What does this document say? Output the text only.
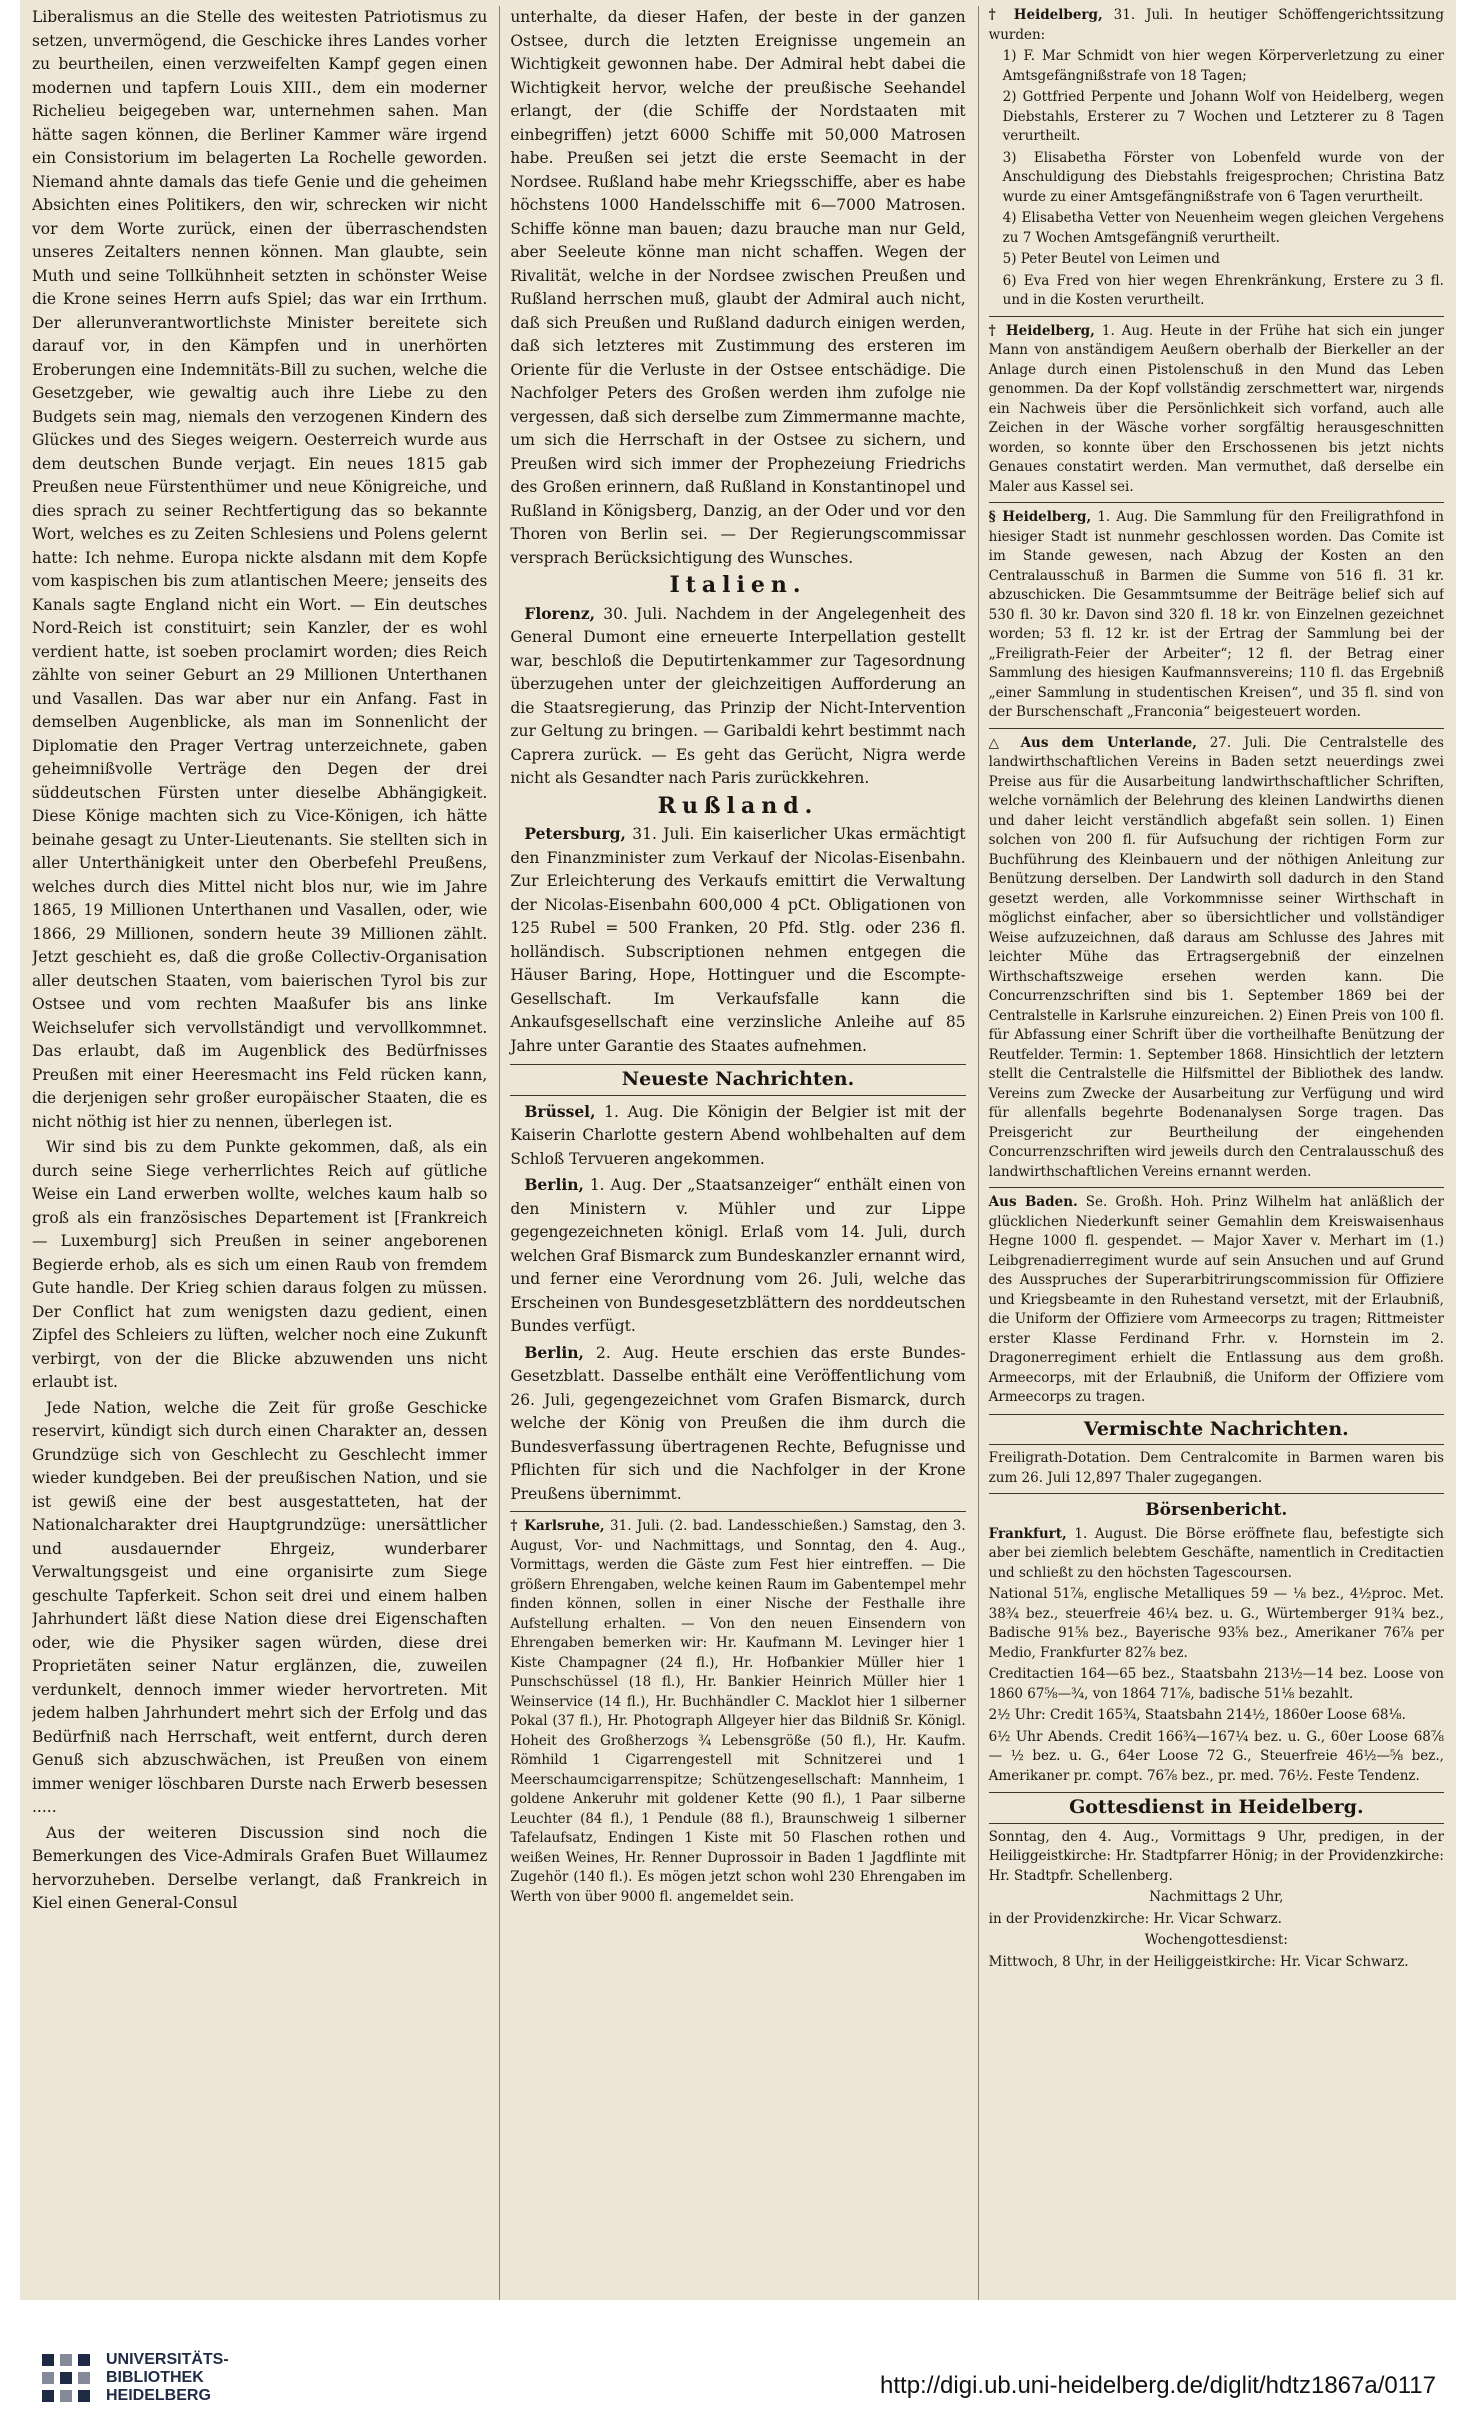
Liberalismus an die Stelle des weitesten Patriotismus zu setzen, unvermögend, die Geschicke ihres Landes vorher zu beurtheilen, einen verzweifelten Kampf gegen einen modernen und tapfern Louis XIII., dem ein moderner Richelieu beigegeben war, unternehmen sahen. Man hätte sagen können, die Berliner Kammer wäre irgend ein Consistorium im belagerten La Rochelle geworden. Niemand ahnte damals das tiefe Genie und die geheimen Absichten eines Politikers, den wir, schrecken wir nicht vor dem Worte zurück, einen der überraschendsten unseres Zeitalters nennen können. Man glaubte, sein Muth und seine Tollkühnheit setzten in schönster Weise die Krone seines Herrn aufs Spiel; das war ein Irrthum. Der allerunverantwortlichste Minister bereitete sich darauf vor, in den Kämpfen und in unerhörten Eroberungen eine Indemnitäts-Bill zu suchen, welche die Gesetzgeber, wie gewaltig auch ihre Liebe zu den Budgets sein mag, niemals den verzogenen Kindern des Glückes und des Sieges weigern. Oesterreich wurde aus dem deutschen Bunde verjagt. Ein neues 1815 gab Preußen neue Fürstenthümer und neue Königreiche, und dies sprach zu seiner Rechtfertigung das so bekannte Wort, welches es zu Zeiten Schlesiens und Polens gelernt hatte: Ich nehme. Europa nickte alsdann mit dem Kopfe vom kaspischen bis zum atlantischen Meere; jenseits des Kanals sagte England nicht ein Wort. — Ein deutsches Nord-Reich ist constituirt; sein Kanzler, der es wohl verdient hatte, ist soeben proclamirt worden; dies Reich zählte von seiner Geburt an 29 Millionen Unterthanen und Vasallen. Das war aber nur ein Anfang. Fast in demselben Augenblicke, als man im Sonnenlicht der Diplomatie den Prager Vertrag unterzeichnete, gaben geheimnißvolle Verträge den Degen der drei süddeutschen Fürsten unter dieselbe Abhängigkeit. Diese Könige machten sich zu Vice-Königen, ich hätte beinahe gesagt zu Unter-Lieutenants. Sie stellten sich in aller Unterthänigkeit unter den Oberbefehl Preußens, welches durch dies Mittel nicht blos nur, wie im Jahre 1865, 19 Millionen Unterthanen und Vasallen, oder, wie 1866, 29 Millionen, sondern heute 39 Millionen zählt. Jetzt geschieht es, daß die große Collectiv-Organisation aller deutschen Staaten, vom baierischen Tyrol bis zur Ostsee und vom rechten Maaßufer bis ans linke Weichselufer sich vervollständigt und vervollkommnet. Das erlaubt, daß im Augenblick des Bedürfnisses Preußen mit einer Heeresmacht ins Feld rücken kann, die derjenigen sehr großer europäischer Staaten, die es nicht nöthig ist hier zu nennen, überlegen ist.

Wir sind bis zu dem Punkte gekommen, daß, als ein durch seine Siege verherrlichtes Reich auf gütliche Weise ein Land erwerben wollte, welches kaum halb so groß als ein französisches Departement ist [Frankreich — Luxemburg] sich Preußen in seiner angeborenen Begierde erhob, als es sich um einen Raub von fremdem Gute handle. Der Krieg schien daraus folgen zu müssen. Der Conflict hat zum wenigsten dazu gedient, einen Zipfel des Schleiers zu lüften, welcher noch eine Zukunft verbirgt, von der die Blicke abzuwenden uns nicht erlaubt ist.

Jede Nation, welche die Zeit für große Geschicke reservirt, kündigt sich durch einen Charakter an, dessen Grundzüge sich von Geschlecht zu Geschlecht immer wieder kundgeben. Bei der preußischen Nation, und sie ist gewiß eine der best ausgestatteten, hat der Nationalcharakter drei Hauptgrundzüge: unersättlicher und ausdauernder Ehrgeiz, wunderbarer Verwaltungsgeist und eine organisirte zum Siege geschulte Tapferkeit. Schon seit drei und einem halben Jahrhundert läßt diese Nation diese drei Eigenschaften oder, wie die Physiker sagen würden, diese drei Proprietäten seiner Natur erglänzen, die, zuweilen verdunkelt, dennoch immer wieder hervortreten. Mit jedem halben Jahrhundert mehrt sich der Erfolg und das Bedürfniß nach Herrschaft, weit entfernt, durch deren Genuß sich abzuschwächen, ist Preußen von einem immer weniger löschbaren Durste nach Erwerb besessen .....

Aus der weiteren Discussion sind noch die Bemerkungen des Vice-Admirals Grafen Buet Willaumez hervorzuheben. Derselbe verlangt, daß Frankreich in Kiel einen General-Consul

unterhalte, da dieser Hafen, der beste in der ganzen Ostsee, durch die letzten Ereignisse ungemein an Wichtigkeit gewonnen habe. Der Admiral hebt dabei die Wichtigkeit hervor, welche der preußische Seehandel erlangt, der (die Schiffe der Nordstaaten mit einbegriffen) jetzt 6000 Schiffe mit 50,000 Matrosen habe. Preußen sei jetzt die erste Seemacht in der Nordsee. Rußland habe mehr Kriegsschiffe, aber es habe höchstens 1000 Handelsschiffe mit 6—7000 Matrosen. Schiffe könne man bauen; dazu brauche man nur Geld, aber Seeleute könne man nicht schaffen. Wegen der Rivalität, welche in der Nordsee zwischen Preußen und Rußland herrschen muß, glaubt der Admiral auch nicht, daß sich Preußen und Rußland dadurch einigen werden, daß sich letzteres mit Zustimmung des ersteren im Oriente für die Verluste in der Ostsee entschädige. Die Nachfolger Peters des Großen werden ihm zufolge nie vergessen, daß sich derselbe zum Zimmermanne machte, um sich die Herrschaft in der Ostsee zu sichern, und Preußen wird sich immer der Prophezeiung Friedrichs des Großen erinnern, daß Rußland in Konstantinopel und Rußland in Königsberg, Danzig, an der Oder und vor den Thoren von Berlin sei. — Der Regierungscommissar versprach Berücksichtigung des Wunsches.

Italien.

Florenz, 30. Juli. Nachdem in der Angelegenheit des General Dumont eine erneuerte Interpellation gestellt war, beschloß die Deputirtenkammer zur Tagesordnung überzugehen unter der gleichzeitigen Aufforderung an die Staatsregierung, das Prinzip der Nicht-Intervention zur Geltung zu bringen. — Garibaldi kehrt bestimmt nach Caprera zurück. — Es geht das Gerücht, Nigra werde nicht als Gesandter nach Paris zurückkehren.

Rußland.

Petersburg, 31. Juli. Ein kaiserlicher Ukas ermächtigt den Finanzminister zum Verkauf der Nicolas-Eisenbahn. Zur Erleichterung des Verkaufs emittirt die Verwaltung der Nicolas-Eisenbahn 600,000 4 pCt. Obligationen von 125 Rubel = 500 Franken, 20 Pfd. Stlg. oder 236 fl. holländisch. Subscriptionen nehmen entgegen die Häuser Baring, Hope, Hottinguer und die Escompte-Gesellschaft. Im Verkaufsfalle kann die Ankaufsgesellschaft eine verzinsliche Anleihe auf 85 Jahre unter Garantie des Staates aufnehmen.

Neueste Nachrichten.

Brüssel, 1. Aug. Die Königin der Belgier ist mit der Kaiserin Charlotte gestern Abend wohlbehalten auf dem Schloß Tervueren angekommen.

Berlin, 1. Aug. Der „Staatsanzeiger“ enthält einen von den Ministern v. Mühler und zur Lippe gegengezeichneten königl. Erlaß vom 14. Juli, durch welchen Graf Bismarck zum Bundeskanzler ernannt wird, und ferner eine Verordnung vom 26. Juli, welche das Erscheinen von Bundesgesetzblättern des norddeutschen Bundes verfügt.

Berlin, 2. Aug. Heute erschien das erste Bundes-Gesetzblatt. Dasselbe enthält eine Veröffentlichung vom 26. Juli, gegengezeichnet vom Grafen Bismarck, durch welche der König von Preußen die ihm durch die Bundesverfassung übertragenen Rechte, Befugnisse und Pflichten für sich und die Nachfolger in der Krone Preußens übernimmt.

† Karlsruhe, 31. Juli. (2. bad. Landesschießen.) Samstag, den 3. August, Vor- und Nachmittags, und Sonntag, den 4. Aug., Vormittags, werden die Gäste zum Fest hier eintreffen. — Die größern Ehrengaben, welche keinen Raum im Gabentempel mehr finden können, sollen in einer Nische der Festhalle ihre Aufstellung erhalten. — Von den neuen Einsendern von Ehrengaben bemerken wir: Hr. Kaufmann M. Levinger hier 1 Kiste Champagner (24 fl.), Hr. Hofbankier Müller hier 1 Punschschüssel (18 fl.), Hr. Bankier Heinrich Müller hier 1 Weinservice (14 fl.), Hr. Buchhändler C. Macklot hier 1 silberner Pokal (37 fl.), Hr. Photograph Allgeyer hier das Bildniß Sr. Königl. Hoheit des Großherzogs ¾ Lebensgröße (50 fl.), Hr. Kaufm. Römhild 1 Cigarrengestell mit Schnitzerei und 1 Meerschaumcigarrenspitze; Schützengesellschaft: Mannheim, 1 goldene Ankeruhr mit goldener Kette (90 fl.), 1 Paar silberne Leuchter (84 fl.), 1 Pendule (88 fl.), Braunschweig 1 silberner Tafelaufsatz, Endingen 1 Kiste mit 50 Flaschen rothen und weißen Weines, Hr. Renner Duprossoir in Baden 1 Jagdflinte mit Zugehör (140 fl.). Es mögen jetzt schon wohl 230 Ehrengaben im Werth von über 9000 fl. angemeldet sein.

† Heidelberg, 31. Juli. In heutiger Schöffengerichtssitzung wurden:

1) F. Mar Schmidt von hier wegen Körperverletzung zu einer Amtsgefängnißstrafe von 18 Tagen;

2) Gottfried Perpente und Johann Wolf von Heidelberg, wegen Diebstahls, Ersterer zu 7 Wochen und Letzterer zu 8 Tagen verurtheilt.

3) Elisabetha Förster von Lobenfeld wurde von der Anschuldigung des Diebstahls freigesprochen; Christina Batz wurde zu einer Amtsgefängnißstrafe von 6 Tagen verurtheilt.

4) Elisabetha Vetter von Neuenheim wegen gleichen Vergehens zu 7 Wochen Amtsgefängniß verurtheilt.

5) Peter Beutel von Leimen und

6) Eva Fred von hier wegen Ehrenkränkung, Erstere zu 3 fl. und in die Kosten verurtheilt.

† Heidelberg, 1. Aug. Heute in der Frühe hat sich ein junger Mann von anständigem Aeußern oberhalb der Bierkeller an der Anlage durch einen Pistolenschuß in den Mund das Leben genommen. Da der Kopf vollständig zerschmettert war, nirgends ein Nachweis über die Persönlichkeit sich vorfand, auch alle Zeichen in der Wäsche vorher sorgfältig herausgeschnitten worden, so konnte über den Erschossenen bis jetzt nichts Genaues constatirt werden. Man vermuthet, daß derselbe ein Maler aus Kassel sei.

§ Heidelberg, 1. Aug. Die Sammlung für den Freiligrathfond in hiesiger Stadt ist nunmehr geschlossen worden. Das Comite ist im Stande gewesen, nach Abzug der Kosten an den Centralausschuß in Barmen die Summe von 516 fl. 31 kr. abzuschicken. Die Gesammtsumme der Beiträge belief sich auf 530 fl. 30 kr. Davon sind 320 fl. 18 kr. von Einzelnen gezeichnet worden; 53 fl. 12 kr. ist der Ertrag der Sammlung bei der „Freiligrath-Feier der Arbeiter“; 12 fl. der Betrag einer Sammlung des hiesigen Kaufmannsvereins; 110 fl. das Ergebniß „einer Sammlung in studentischen Kreisen“, und 35 fl. sind von der Burschenschaft „Franconia“ beigesteuert worden.

△ Aus dem Unterlande, 27. Juli. Die Centralstelle des landwirthschaftlichen Vereins in Baden setzt neuerdings zwei Preise aus für die Ausarbeitung landwirthschaftlicher Schriften, welche vornämlich der Belehrung des kleinen Landwirths dienen und daher leicht verständlich abgefaßt sein sollen. 1) Einen solchen von 200 fl. für Aufsuchung der richtigen Form zur Buchführung des Kleinbauern und der nöthigen Anleitung zur Benützung derselben. Der Landwirth soll dadurch in den Stand gesetzt werden, alle Vorkommnisse seiner Wirthschaft in möglichst einfacher, aber so übersichtlicher und vollständiger Weise aufzuzeichnen, daß daraus am Schlusse des Jahres mit leichter Mühe das Ertragsergebniß der einzelnen Wirthschaftszweige ersehen werden kann. Die Concurrenzschriften sind bis 1. September 1869 bei der Centralstelle in Karlsruhe einzureichen. 2) Einen Preis von 100 fl. für Abfassung einer Schrift über die vortheilhafte Benützung der Reutfelder. Termin: 1. September 1868. Hinsichtlich der letztern stellt die Centralstelle die Hilfsmittel der Bibliothek des landw. Vereins zum Zwecke der Ausarbeitung zur Verfügung und wird für allenfalls begehrte Bodenanalysen Sorge tragen. Das Preisgericht zur Beurtheilung der eingehenden Concurrenzschriften wird jeweils durch den Centralausschuß des landwirthschaftlichen Vereins ernannt werden.

Aus Baden. Se. Großh. Hoh. Prinz Wilhelm hat anläßlich der glücklichen Niederkunft seiner Gemahlin dem Kreiswaisenhaus Hegne 1000 fl. gespendet. — Major Xaver v. Merhart im (1.) Leibgrenadierregiment wurde auf sein Ansuchen und auf Grund des Ausspruches der Superarbitrirungscommission für Offiziere und Kriegsbeamte in den Ruhestand versetzt, mit der Erlaubniß, die Uniform der Offiziere vom Armeecorps zu tragen; Rittmeister erster Klasse Ferdinand Frhr. v. Hornstein im 2. Dragonerregiment erhielt die Entlassung aus dem großh. Armeecorps, mit der Erlaubniß, die Uniform der Offiziere vom Armeecorps zu tragen.

Vermischte Nachrichten.

Freiligrath-Dotation. Dem Centralcomite in Barmen waren bis zum 26. Juli 12,897 Thaler zugegangen.

Börsenbericht.

Frankfurt, 1. August. Die Börse eröffnete flau, befestigte sich aber bei ziemlich belebtem Geschäfte, namentlich in Creditactien und schließt zu den höchsten Tagescoursen.

National 51⅞, englische Metalliques 59 — ⅛ bez., 4½proc. Met. 38¾ bez., steuerfreie 46¼ bez. u. G., Würtemberger 91¾ bez., Badische 91⅝ bez., Bayerische 93⅝ bez., Amerikaner 76⅞ per Medio, Frankfurter 82⅞ bez.

Creditactien 164—65 bez., Staatsbahn 213½—14 bez. Loose von 1860 67⅝—¾, von 1864 71⅞, badische 51⅛ bezahlt.

2½ Uhr: Credit 165¾, Staatsbahn 214½, 1860er Loose 68⅛.

6½ Uhr Abends. Credit 166¾—167¼ bez. u. G., 60er Loose 68⅞ — ½ bez. u. G., 64er Loose 72 G., Steuerfreie 46½—⅝ bez., Amerikaner pr. compt. 76⅞ bez., pr. med. 76½. Feste Tendenz.

Gottesdienst in Heidelberg.

Sonntag, den 4. Aug., Vormittags 9 Uhr, predigen, in der Heiliggeistkirche: Hr. Stadtpfarrer Hönig; in der Providenzkirche: Hr. Stadtpfr. Schellenberg.

Nachmittags 2 Uhr,

in der Providenzkirche: Hr. Vicar Schwarz.

Wochengottesdienst:

Mittwoch, 8 Uhr, in der Heiliggeistkirche: Hr. Vicar Schwarz.

UNIVERSITÄTS-
BIBLIOTHEK
HEIDELBERG	http://digi.ub.uni-heidelberg.de/diglit/hdtz1867a/0117
